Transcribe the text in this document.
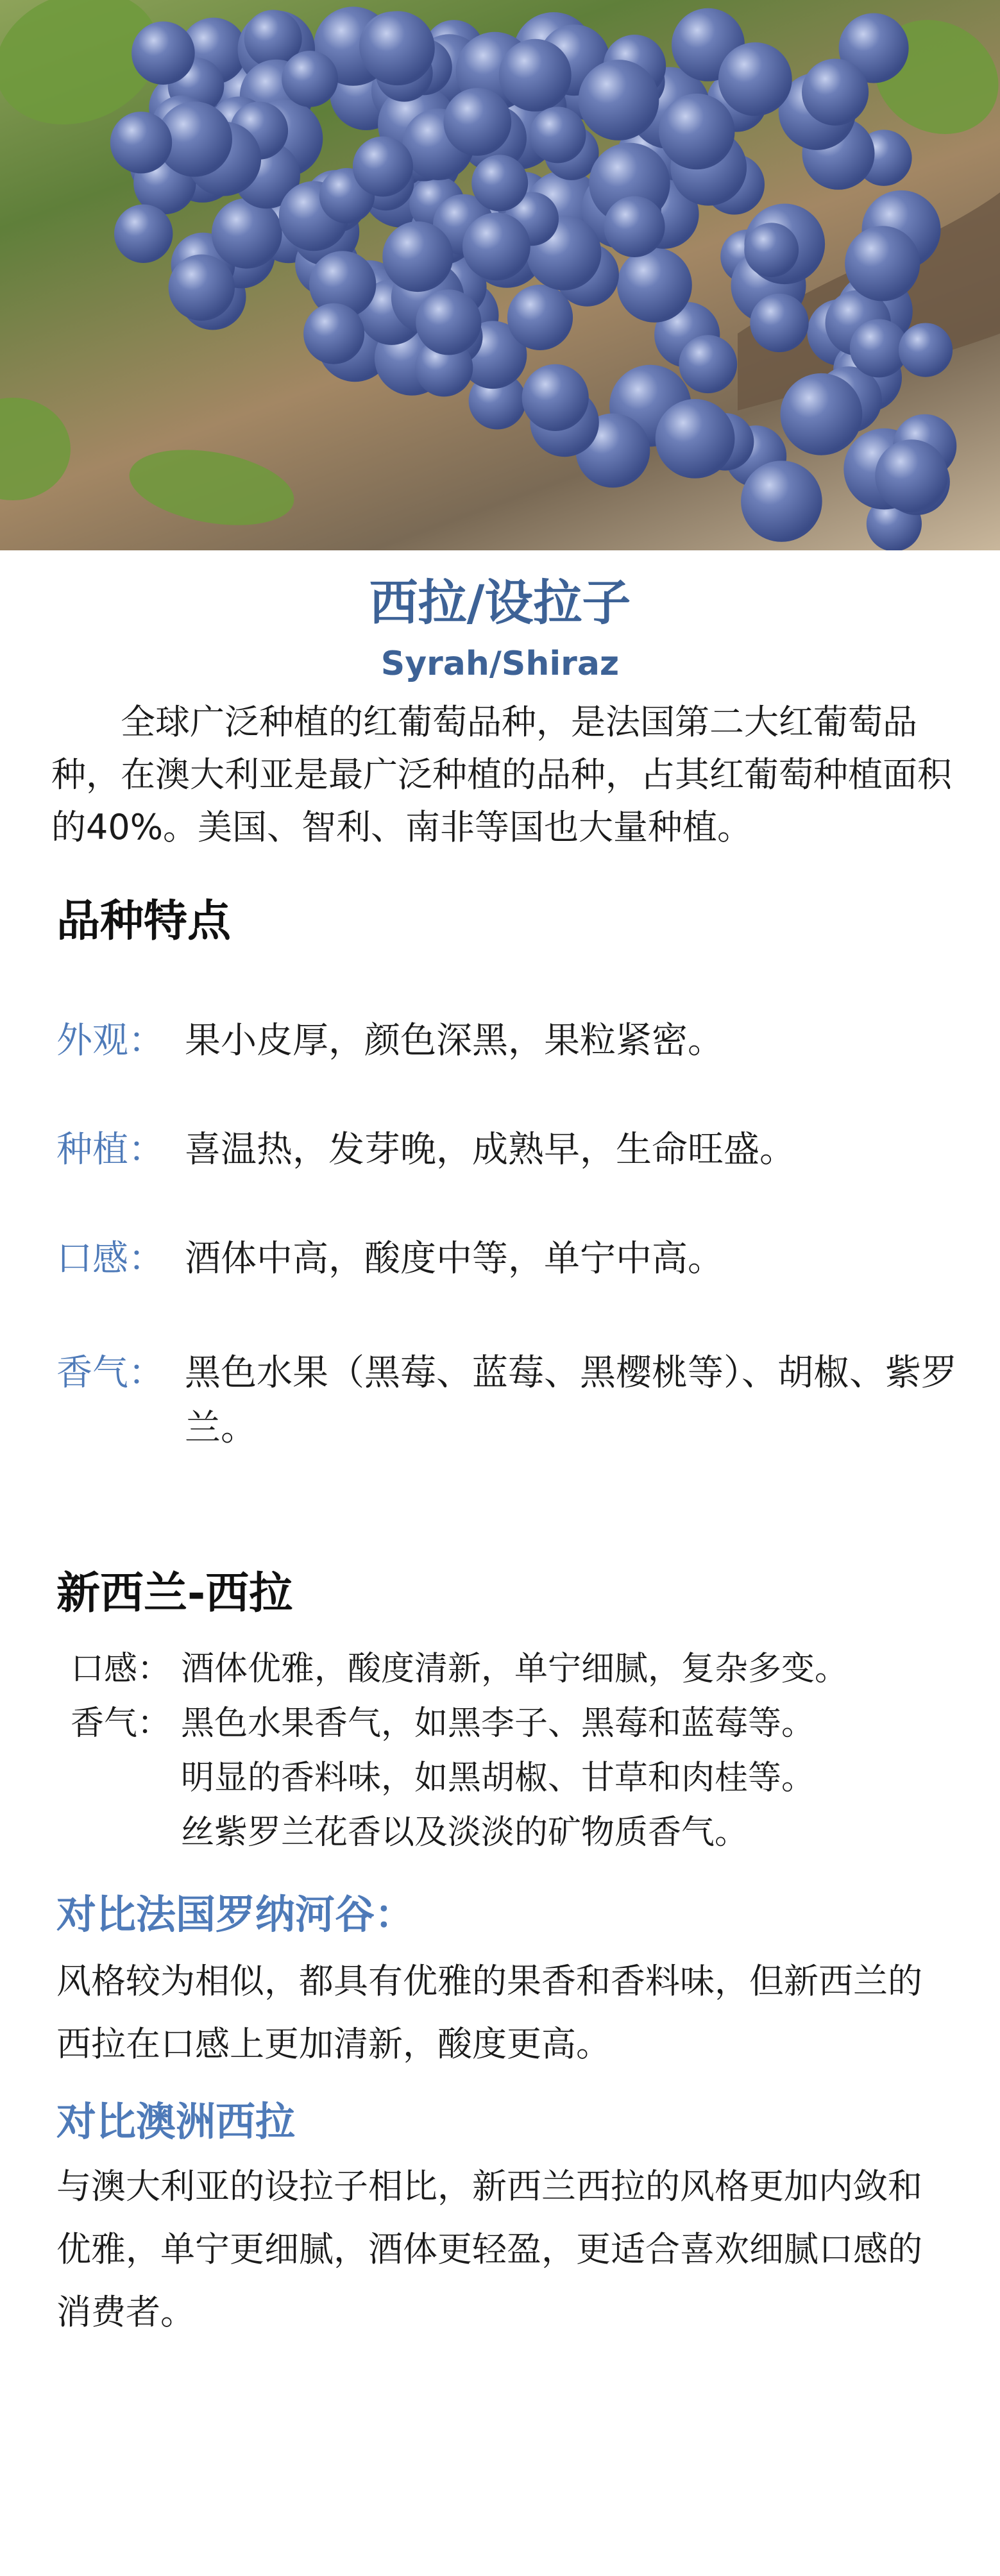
西拉/设拉子
Syrah/Shiraz
全球广泛种植的红葡萄品种，是法国第二大红葡萄品种，在澳大利亚是最广泛种植的品种，占其红葡萄种植面积的40%。美国、智利、南非等国也大量种植。
品种特点
外观： 果小皮厚，颜色深黑，果粒紧密。
种植： 喜温热，发芽晚，成熟早，生命旺盛。
口感： 酒体中高，酸度中等，单宁中高。
香气： 黑色水果（黑莓、蓝莓、黑樱桃等）、胡椒、紫罗兰。
新西兰-西拉
口感： 酒体优雅，酸度清新，单宁细腻，复杂多变。
香气： 黑色水果香气，如黑李子、黑莓和蓝莓等。
明显的香料味，如黑胡椒、甘草和肉桂等。
丝紫罗兰花香以及淡淡的矿物质香气。
对比法国罗纳河谷：
风格较为相似，都具有优雅的果香和香料味，但新西兰的西拉在口感上更加清新，酸度更高。
对比澳洲西拉
与澳大利亚的设拉子相比，新西兰西拉的风格更加内敛和优雅，单宁更细腻，酒体更轻盈，更适合喜欢细腻口感的消费者。
